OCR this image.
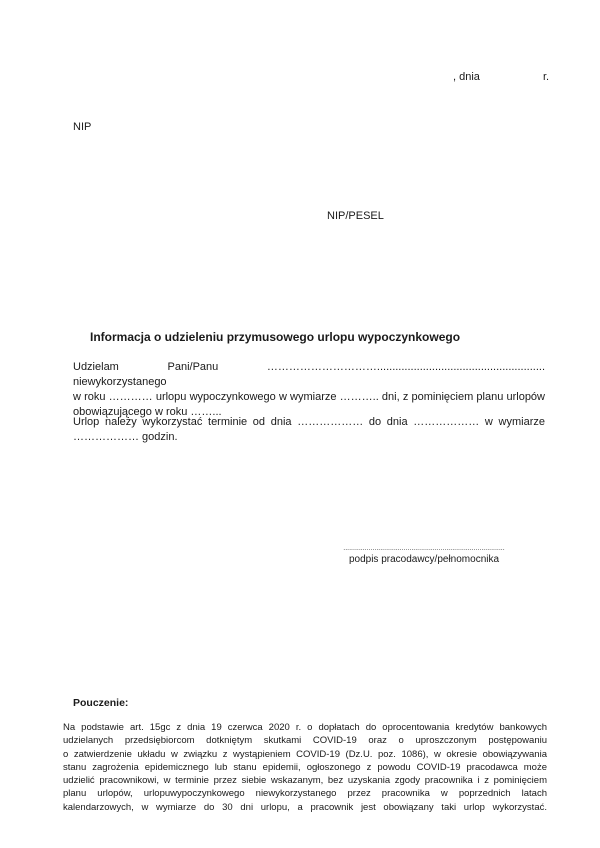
, dnia	r.
NIP
NIP/PESEL
Informacja o udzieleniu przymusowego urlopu wypoczynkowego
Udzielam Pani/Panu …………………………....................................................... niewykorzystanego
w roku ………… urlopu wypoczynkowego w wymiarze ……….. dni, z pominięciem planu urlopów
obowiązującego w roku ……...
Urlop należy wykorzystać terminie od dnia ……………… do dnia ……………… w wymiarze
……………… godzin.
...................................................................................
podpis pracodawcy/pełnomocnika
Pouczenie:
Na podstawie art. 15gc z dnia 19 czerwca 2020 r. o dopłatach do oprocentowania kredytów bankowych
udzielanych przedsiębiorcom dotkniętym skutkami COVID-19 oraz o uproszczonym postępowaniu
o zatwierdzenie układu w związku z wystąpieniem COVID-19 (Dz.U. poz. 1086), w okresie obowiązywania
stanu zagrożenia epidemicznego lub stanu epidemii, ogłoszonego z powodu COVID-19 pracodawca może
udzielić pracownikowi, w terminie przez siebie wskazanym, bez uzyskania zgody pracownika i z pominięciem
planu urlopów, urlopuwypoczynkowego niewykorzystanego przez pracownika w poprzednich latach
kalendarzowych, w wymiarze do 30 dni urlopu, a pracownik jest obowiązany taki urlop wykorzystać.
